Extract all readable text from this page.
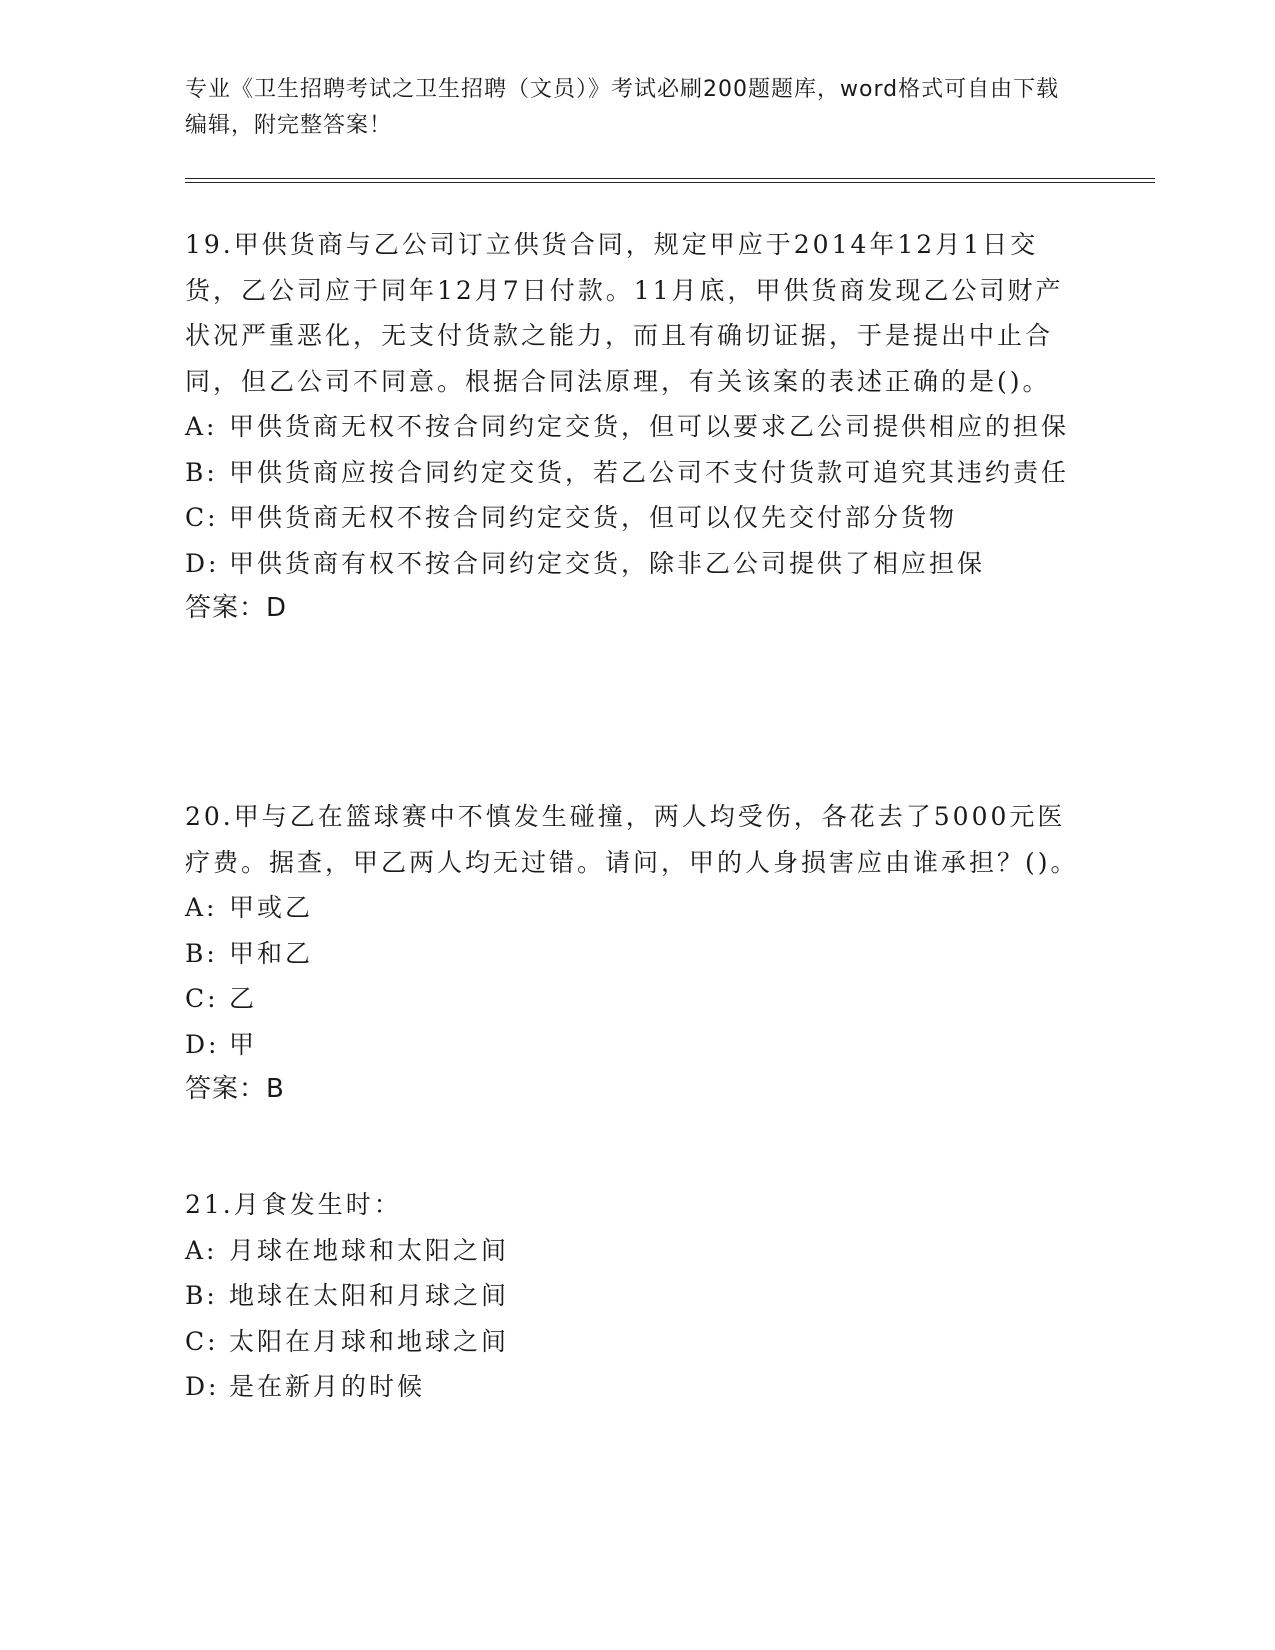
专业《卫生招聘考试之卫生招聘（文员）》考试必刷200题题库，word格式可自由下载编辑，附完整答案！

19.甲供货商与乙公司订立供货合同，规定甲应于2014年12月1日交货，乙公司应于同年12月7日付款。11月底，甲供货商发现乙公司财产状况严重恶化，无支付货款之能力，而且有确切证据，于是提出中止合同，但乙公司不同意。根据合同法原理，有关该案的表述正确的是()。

A: 甲供货商无权不按合同约定交货，但可以要求乙公司提供相应的担保

B: 甲供货商应按合同约定交货，若乙公司不支付货款可追究其违约责任

C: 甲供货商无权不按合同约定交货，但可以仅先交付部分货物

D: 甲供货商有权不按合同约定交货，除非乙公司提供了相应担保

答案：D

20.甲与乙在篮球赛中不慎发生碰撞，两人均受伤，各花去了5000元医疗费。据查，甲乙两人均无过错。请问，甲的人身损害应由谁承担？()。

A: 甲或乙

B: 甲和乙

C: 乙

D: 甲

答案：B

21.月食发生时：

A: 月球在地球和太阳之间

B: 地球在太阳和月球之间

C: 太阳在月球和地球之间

D: 是在新月的时候
